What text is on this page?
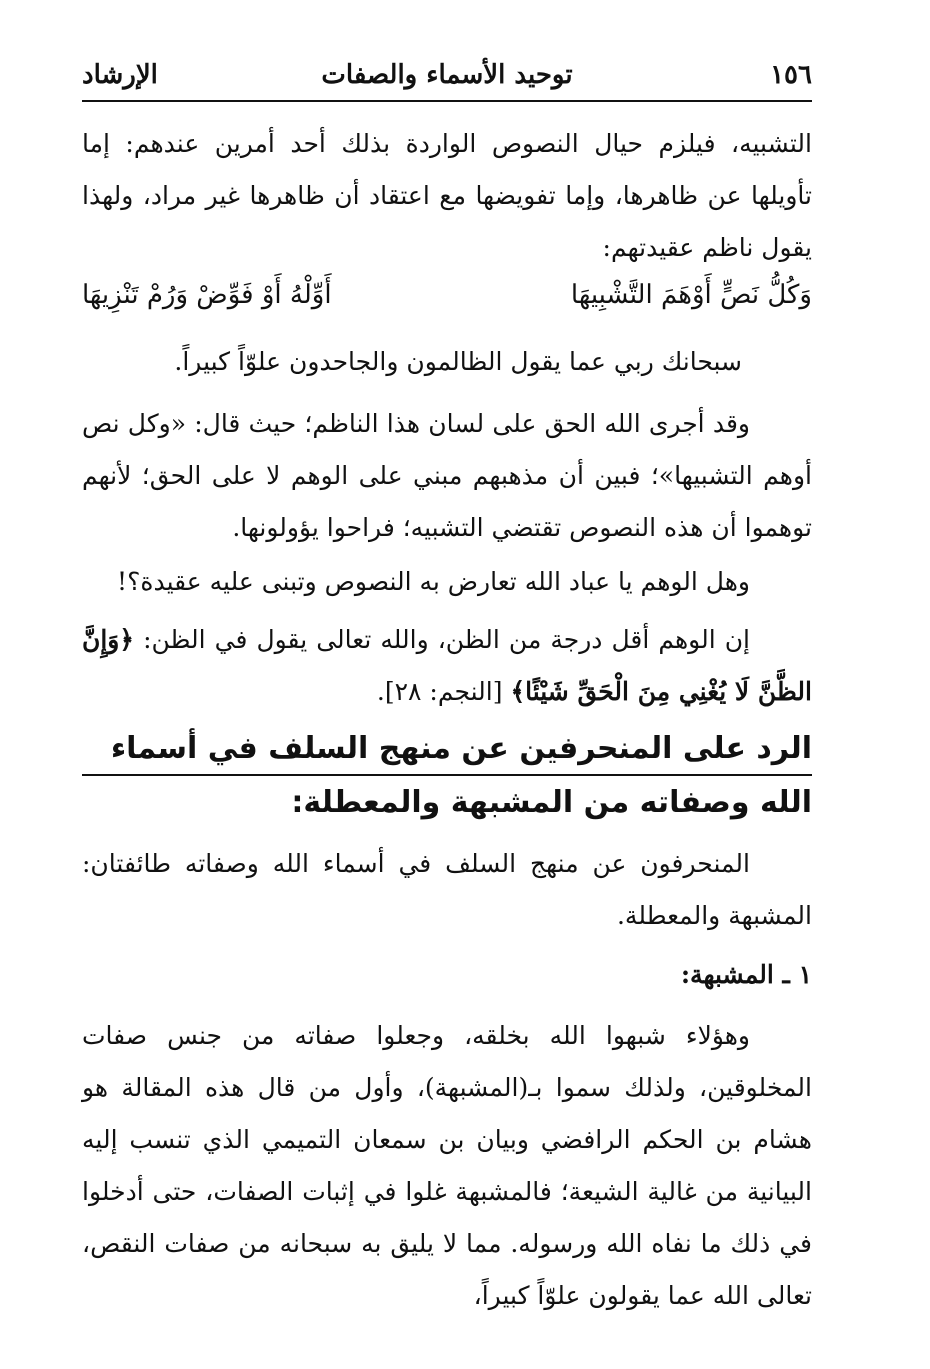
١٥٦
توحيد الأسماء والصفات
الإرشاد
التشبيه، فيلزم حيال النصوص الواردة بذلك أحد أمرين عندهم: إما تأويلها عن ظاهرها، وإما تفويضها مع اعتقاد أن ظاهرها غير مراد، ولهذا يقول ناظم عقيدتهم:
وَكُلُّ نَصٍّ أَوْهَمَ التَّشْبِيهَا
أَوِّلْهُ أَوْ فَوِّضْ وَرُمْ تَنْزِيهَا
سبحانك ربي عما يقول الظالمون والجاحدون علوّاً كبيراً.
وقد أجرى الله الحق على لسان هذا الناظم؛ حيث قال: «وكل نص أوهم التشبيها»؛ فبين أن مذهبهم مبني على الوهم لا على الحق؛ لأنهم توهموا أن هذه النصوص تقتضي التشبيه؛ فراحوا يؤولونها.
وهل الوهم يا عباد الله تعارض به النصوص وتبنى عليه عقيدة؟!
إن الوهم أقل درجة من الظن، والله تعالى يقول في الظن: ﴿وَإِنَّ الظَّنَّ لَا يُغْنِي مِنَ الْحَقِّ شَيْئًا﴾ [النجم: ٢٨].
الرد على المنحرفين عن منهج السلف في أسماء الله وصفاته من المشبهة والمعطلة:
المنحرفون عن منهج السلف في أسماء الله وصفاته طائفتان: المشبهة والمعطلة.
١ ـ المشبهة:
وهؤلاء شبهوا الله بخلقه، وجعلوا صفاته من جنس صفات المخلوقين، ولذلك سموا بـ(المشبهة)، وأول من قال هذه المقالة هو هشام بن الحكم الرافضي وبيان بن سمعان التميمي الذي تنسب إليه البيانية من غالية الشيعة؛ فالمشبهة غلوا في إثبات الصفات، حتى أدخلوا في ذلك ما نفاه الله ورسوله. مما لا يليق به سبحانه من صفات النقص، تعالى الله عما يقولون علوّاً كبيراً،
